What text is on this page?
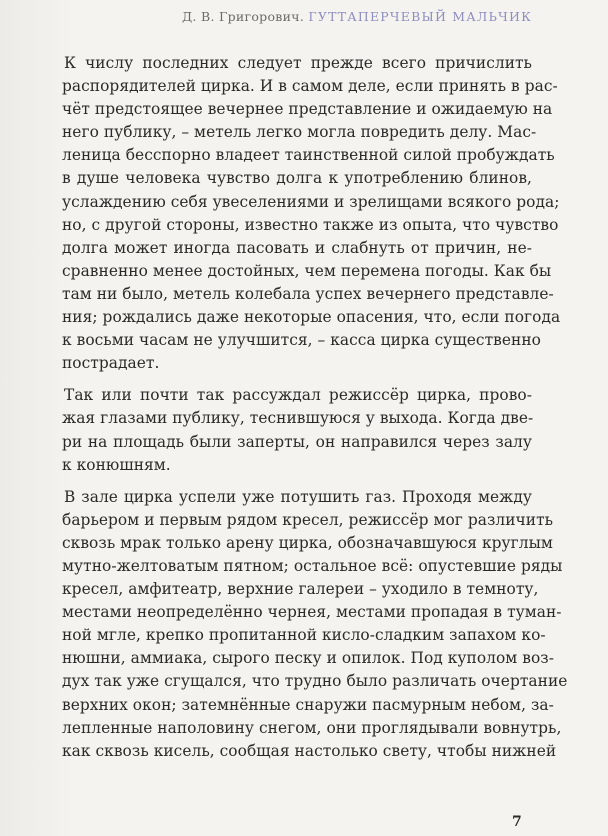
Д. В. Григорович. ГУТТАПЕРЧЕВЫЙ МАЛЬЧИК
К числу последних следует прежде всего причислить
распорядителей цирка. И в самом деле, если принять в рас-
чёт предстоящее вечернее представление и ожидаемую на
него публику, – метель легко могла повредить делу. Мас-
леница бесспорно владеет таинственной силой пробуждать
в душе человека чувство долга к употреблению блинов,
услаждению себя увеселениями и зрелищами всякого рода;
но, с другой стороны, известно также из опыта, что чувство
долга может иногда пасовать и слабнуть от причин, не-
сравненно менее достойных, чем перемена погоды. Как бы
там ни было, метель колебала успех вечернего представле-
ния; рождались даже некоторые опасения, что, если погода
к восьми часам не улучшится, – касса цирка существенно
пострадает.
Так или почти так рассуждал режиссёр цирка, прово-
жая глазами публику, теснившуюся у выхода. Когда две-
ри на площадь были заперты, он направился через залу
к конюшням.
В зале цирка успели уже потушить газ. Проходя между
барьером и первым рядом кресел, режиссёр мог различить
сквозь мрак только арену цирка, обозначавшуюся круглым
мутно-желтоватым пятном; остальное всё: опустевшие ряды
кресел, амфитеатр, верхние галереи – уходило в темноту,
местами неопределённо чернея, местами пропадая в туман-
ной мгле, крепко пропитанной кисло-сладким запахом ко-
нюшни, аммиака, сырого песку и опилок. Под куполом воз-
дух так уже сгущался, что трудно было различать очертание
верхних окон; затемнённые снаружи пасмурным небом, за-
лепленные наполовину снегом, они проглядывали вовнутрь,
как сквозь кисель, сообщая настолько свету, чтобы нижней
7
